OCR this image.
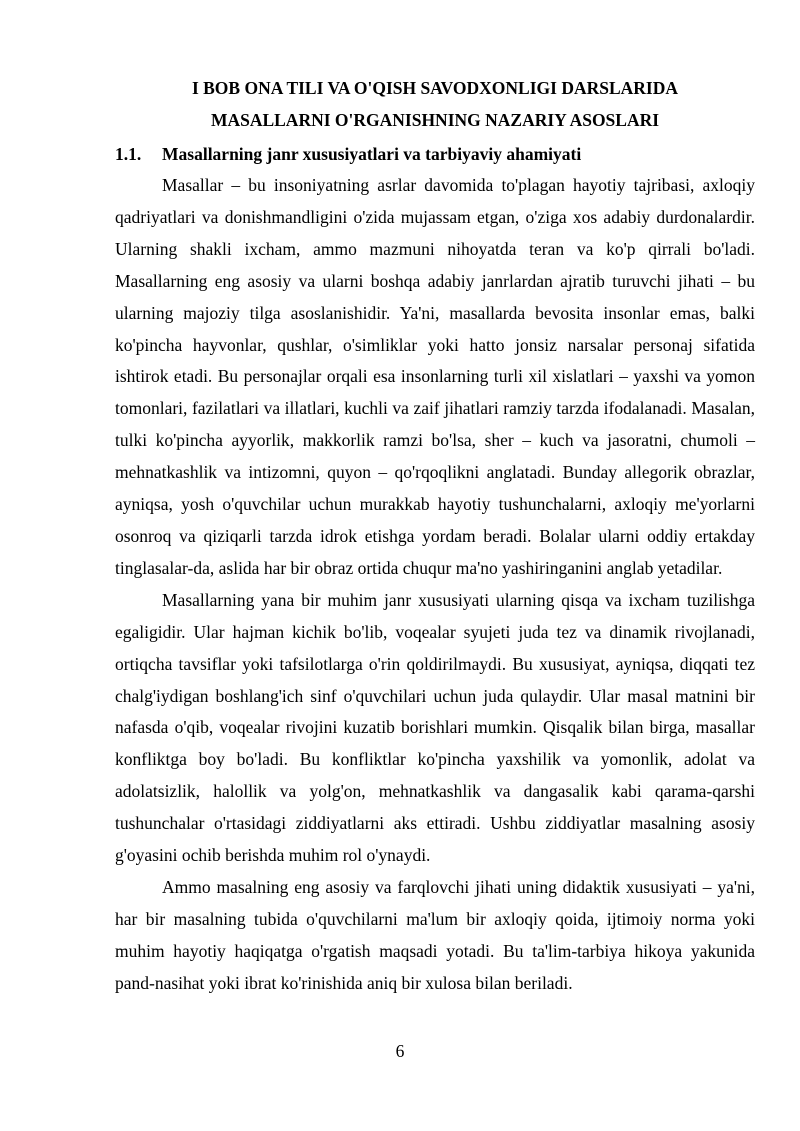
I BOB ONA TILI VA O'QISH SAVODXONLIGI DARSLARIDA
MASALLARNI O'RGANISHNING NAZARIY ASOSLARI
1.1. Masallarning janr xususiyatlari va tarbiyaviy ahamiyati

Masallar – bu insoniyatning asrlar davomida to'plagan hayotiy tajribasi, axloqiy qadriyatlari va donishmandligini o'zida mujassam etgan, o'ziga xos adabiy durdonalardir. Ularning shakli ixcham, ammo mazmuni nihoyatda teran va ko'p qirrali bo'ladi. Masallarning eng asosiy va ularni boshqa adabiy janrlardan ajratib turuvchi jihati – bu ularning majoziy tilga asoslanishidir. Ya'ni, masallarda bevosita insonlar emas, balki ko'pincha hayvonlar, qushlar, o'simliklar yoki hatto jonsiz narsalar personaj sifatida ishtirok etadi. Bu personajlar orqali esa insonlarning turli xil xislatlari – yaxshi va yomon tomonlari, fazilatlari va illatlari, kuchli va zaif jihatlari ramziy tarzda ifodalanadi. Masalan, tulki ko'pincha ayyorlik, makkorlik ramzi bo'lsa, sher – kuch va jasoratni, chumoli – mehnatkashlik va intizomni, quyon – qo'rqoqlikni anglatadi. Bunday allegorik obrazlar, ayniqsa, yosh o'quvchilar uchun murakkab hayotiy tushunchalarni, axloqiy me'yorlarni osonroq va qiziqarli tarzda idrok etishga yordam beradi. Bolalar ularni oddiy ertakday tinglasalar-da, aslida har bir obraz ortida chuqur ma'no yashiringanini anglab yetadilar.

Masallarning yana bir muhim janr xususiyati ularning qisqa va ixcham tuzilishga egaligidir. Ular hajman kichik bo'lib, voqealar syujeti juda tez va dinamik rivojlanadi, ortiqcha tavsiflar yoki tafsilotlarga o'rin qoldirilmaydi. Bu xususiyat, ayniqsa, diqqati tez chalg'iydigan boshlang'ich sinf o'quvchilari uchun juda qulaydir. Ular masal matnini bir nafasda o'qib, voqealar rivojini kuzatib borishlari mumkin. Qisqalik bilan birga, masallar konfliktga boy bo'ladi. Bu konfliktlar ko'pincha yaxshilik va yomonlik, adolat va adolatsizlik, halollik va yolg'on, mehnatkashlik va dangasalik kabi qarama-qarshi tushunchalar o'rtasidagi ziddiyatlarni aks ettiradi. Ushbu ziddiyatlar masalning asosiy g'oyasini ochib berishda muhim rol o'ynaydi.

Ammo masalning eng asosiy va farqlovchi jihati uning didaktik xususiyati – ya'ni, har bir masalning tubida o'quvchilarni ma'lum bir axloqiy qoida, ijtimoiy norma yoki muhim hayotiy haqiqatga o'rgatish maqsadi yotadi. Bu ta'lim-tarbiya hikoya yakunida pand-nasihat yoki ibrat ko'rinishida aniq bir xulosa bilan beriladi.

6
